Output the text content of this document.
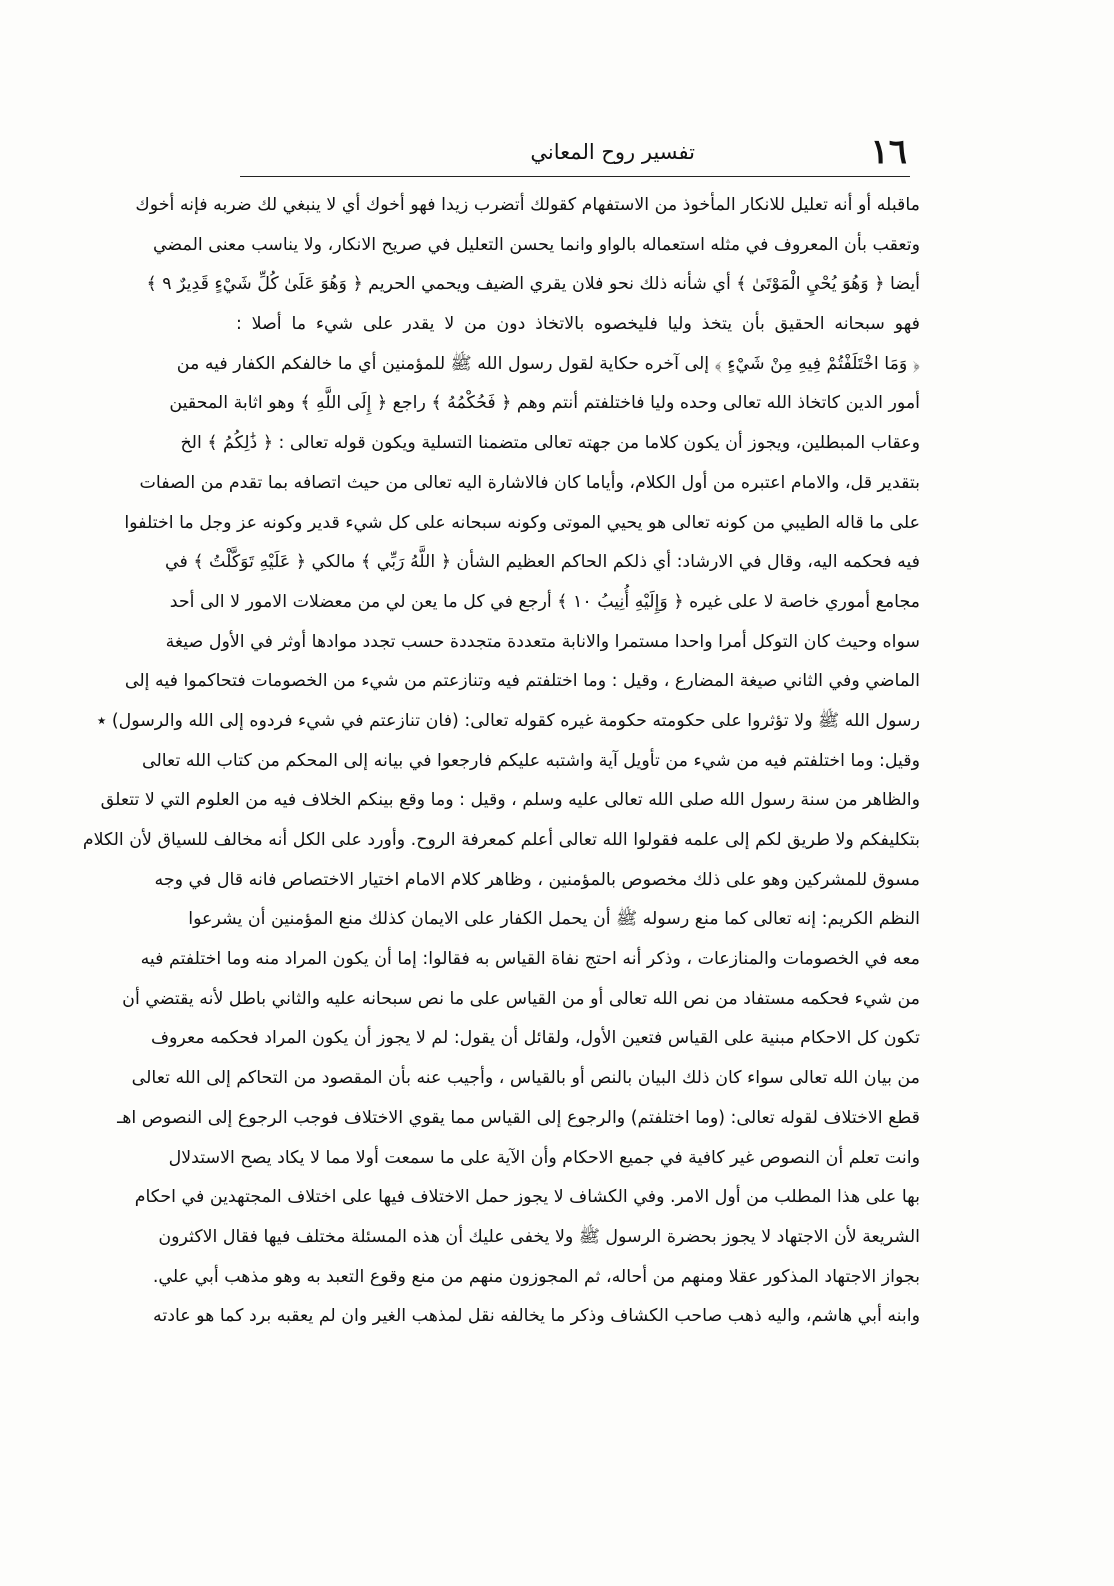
١٦
تفسير روح المعاني
ماقبله أو أنه تعليل للانكار المأخوذ من الاستفهام كقولك أتضرب زيدا فهو أخوك أي لا ينبغي لك ضربه فإنه أخوك
وتعقب بأن المعروف في مثله استعماله بالواو وانما يحسن التعليل في صريح الانكار، ولا يناسب معنى المضي
أيضا ﴿ وَهُوَ يُحْيِ الْمَوْتَىٰ ﴾ أي شأنه ذلك نحو فلان يقري الضيف ويحمي الحريم ﴿ وَهُوَ عَلَىٰ كُلِّ شَيْءٍ قَدِيرٌ ٩ ﴾
فهو سبحانه الحقيق بأن يتخذ وليا فليخصوه بالاتخاذ دون من لا يقدر على شيء ما أصلا :
﴿ وَمَا اخْتَلَفْتُمْ فِيهِ مِنْ شَيْءٍ ﴾ إلى آخره حكاية لقول رسول الله ﷺ للمؤمنين أي ما خالفكم الكفار فيه من
أمور الدين كاتخاذ الله تعالى وحده وليا فاختلفتم أنتم وهم ﴿ فَحُكْمُهُ ﴾ راجع ﴿ إِلَى اللَّهِ ﴾ وهو اثابة المحقين
وعقاب المبطلين، ويجوز أن يكون كلاما من جهته تعالى متضمنا التسلية ويكون قوله تعالى : ﴿ ذَٰلِكُمُ ﴾ الخ
بتقدير قل، والامام اعتبره من أول الكلام، وأياما كان فالاشارة اليه تعالى من حيث اتصافه بما تقدم من الصفات
على ما قاله الطيبي من كونه تعالى هو يحيي الموتى وكونه سبحانه على كل شيء قدير وكونه عز وجل ما اختلفوا
فيه فحكمه اليه، وقال في الارشاد: أي ذلكم الحاكم العظيم الشأن ﴿ اللَّهُ رَبِّي ﴾ مالكي ﴿ عَلَيْهِ تَوَكَّلْتُ ﴾ في
مجامع أموري خاصة لا على غيره ﴿ وَإِلَيْهِ أُنِيبُ ١٠ ﴾ أرجع في كل ما يعن لي من معضلات الامور لا الى أحد
سواه وحيث كان التوكل أمرا واحدا مستمرا والانابة متعددة متجددة حسب تجدد موادها أوثر في الأول صيغة
الماضي وفي الثاني صيغة المضارع ، وقيل : وما اختلفتم فيه وتنازعتم من شيء من الخصومات فتحاكموا فيه إلى
رسول الله ﷺ ولا تؤثروا على حكومته حكومة غيره كقوله تعالى: (فان تنازعتم في شيء فردوه إلى الله والرسول) ٭
وقيل: وما اختلفتم فيه من شيء من تأويل آية واشتبه عليكم فارجعوا في بيانه إلى المحكم من كتاب الله تعالى
والظاهر من سنة رسول الله صلى الله تعالى عليه وسلم ، وقيل : وما وقع بينكم الخلاف فيه من العلوم التي لا تتعلق
بتكليفكم ولا طريق لكم إلى علمه فقولوا الله تعالى أعلم كمعرفة الروح. وأورد على الكل أنه مخالف للسياق لأن الكلام
مسوق للمشركين وهو على ذلك مخصوص بالمؤمنين ، وظاهر كلام الامام اختيار الاختصاص فانه قال في وجه
النظم الكريم: إنه تعالى كما منع رسوله ﷺ أن يحمل الكفار على الايمان كذلك منع المؤمنين أن يشرعوا
معه في الخصومات والمنازعات ، وذكر أنه احتج نفاة القياس به فقالوا: إما أن يكون المراد منه وما اختلفتم فيه
من شيء فحكمه مستفاد من نص الله تعالى أو من القياس على ما نص سبحانه عليه والثاني باطل لأنه يقتضي أن
تكون كل الاحكام مبنية على القياس فتعين الأول، ولقائل أن يقول: لم لا يجوز أن يكون المراد فحكمه معروف
من بيان الله تعالى سواء كان ذلك البيان بالنص أو بالقياس ، وأجيب عنه بأن المقصود من التحاكم إلى الله تعالى
قطع الاختلاف لقوله تعالى: (وما اختلفتم) والرجوع إلى القياس مما يقوي الاختلاف فوجب الرجوع إلى النصوص اهـ
وانت تعلم أن النصوص غير كافية في جميع الاحكام وأن الآية على ما سمعت أولا مما لا يكاد يصح الاستدلال
بها على هذا المطلب من أول الامر. وفي الكشاف لا يجوز حمل الاختلاف فيها على اختلاف المجتهدين في احكام
الشريعة لأن الاجتهاد لا يجوز بحضرة الرسول ﷺ ولا يخفى عليك أن هذه المسئلة مختلف فيها فقال الاكثرون
بجواز الاجتهاد المذكور عقلا ومنهم من أحاله، ثم المجوزون منهم من منع وقوع التعبد به وهو مذهب أبي علي.
وابنه أبي هاشم، واليه ذهب صاحب الكشاف وذكر ما يخالفه نقل لمذهب الغير وان لم يعقبه برد كما هو عادته
